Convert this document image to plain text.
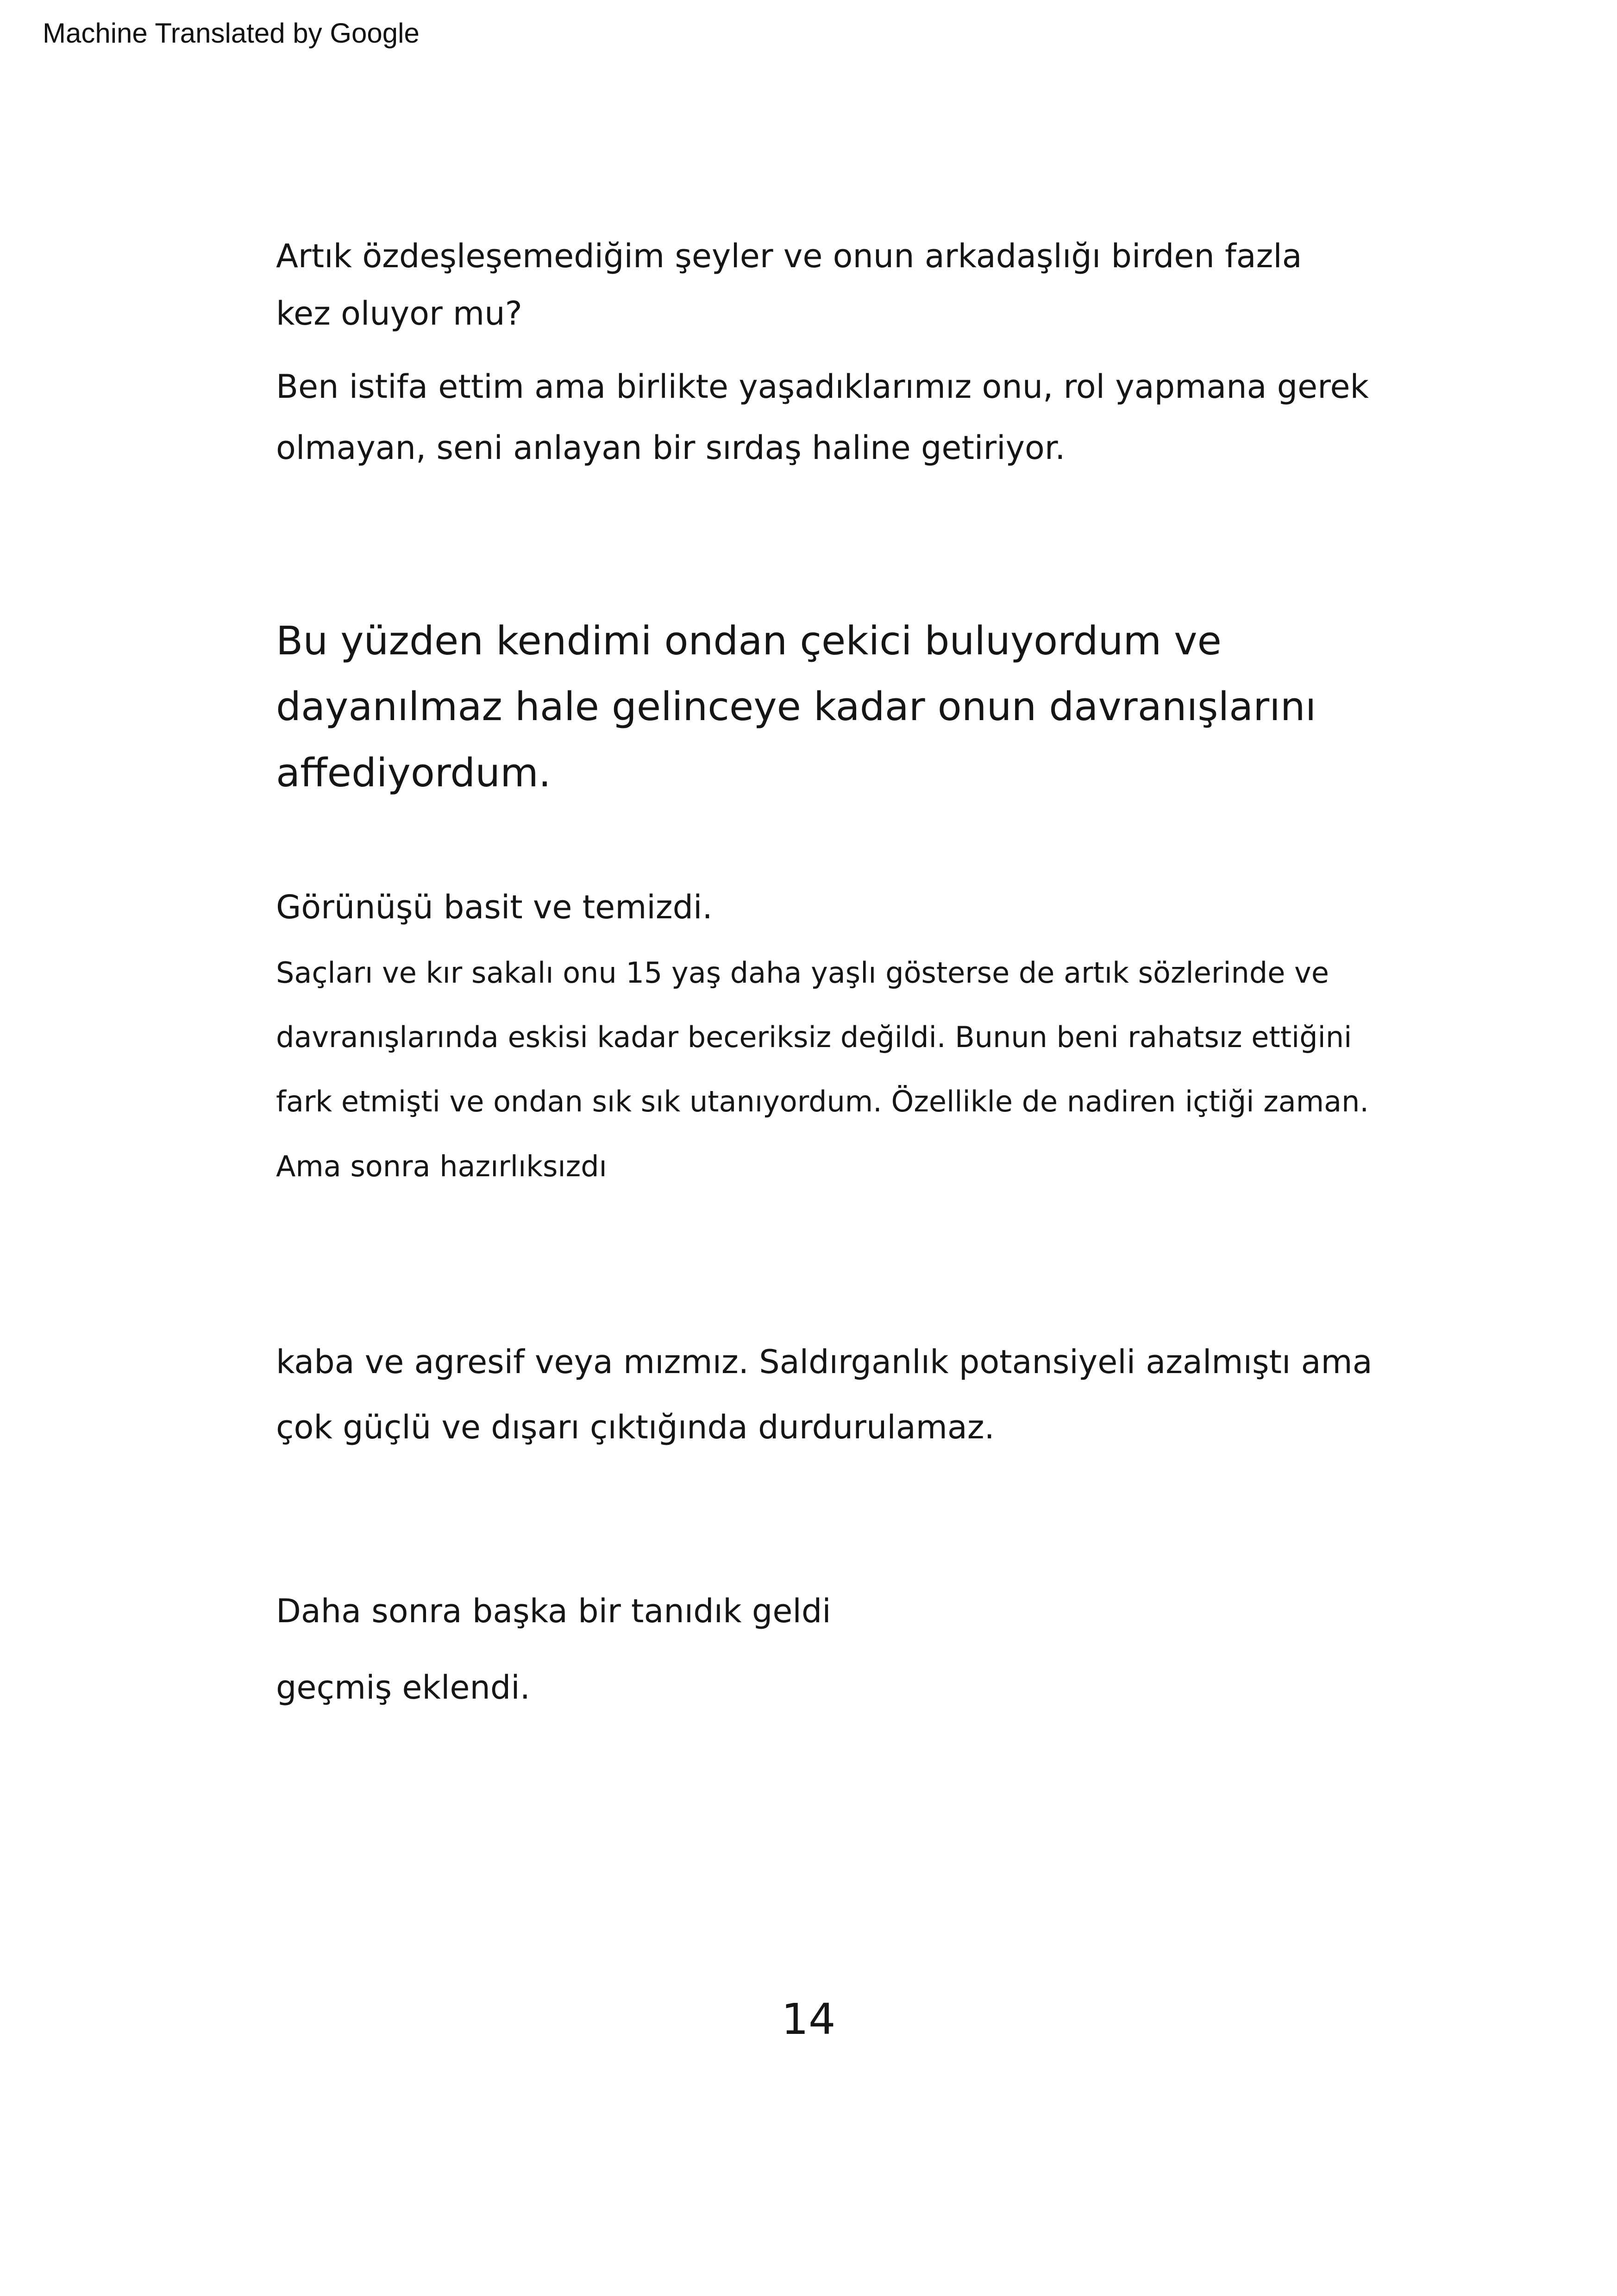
Machine Translated by Google
Artık özdeşleşemediğim şeyler ve onun arkadaşlığı birden fazla
kez oluyor mu?
Ben istifa ettim ama birlikte yaşadıklarımız onu, rol yapmana gerek
olmayan, seni anlayan bir sırdaş haline getiriyor.
Bu yüzden kendimi ondan çekici buluyordum ve
dayanılmaz hale gelinceye kadar onun davranışlarını
affediyordum.
Görünüşü basit ve temizdi.
Saçları ve kır sakalı onu 15 yaş daha yaşlı gösterse de artık sözlerinde ve
davranışlarında eskisi kadar beceriksiz değildi. Bunun beni rahatsız ettiğini
fark etmişti ve ondan sık sık utanıyordum. Özellikle de nadiren içtiği zaman.
Ama sonra hazırlıksızdı
kaba ve agresif veya mızmız. Saldırganlık potansiyeli azalmıştı ama
çok güçlü ve dışarı çıktığında durdurulamaz.
Daha sonra başka bir tanıdık geldi
geçmiş eklendi.
14
